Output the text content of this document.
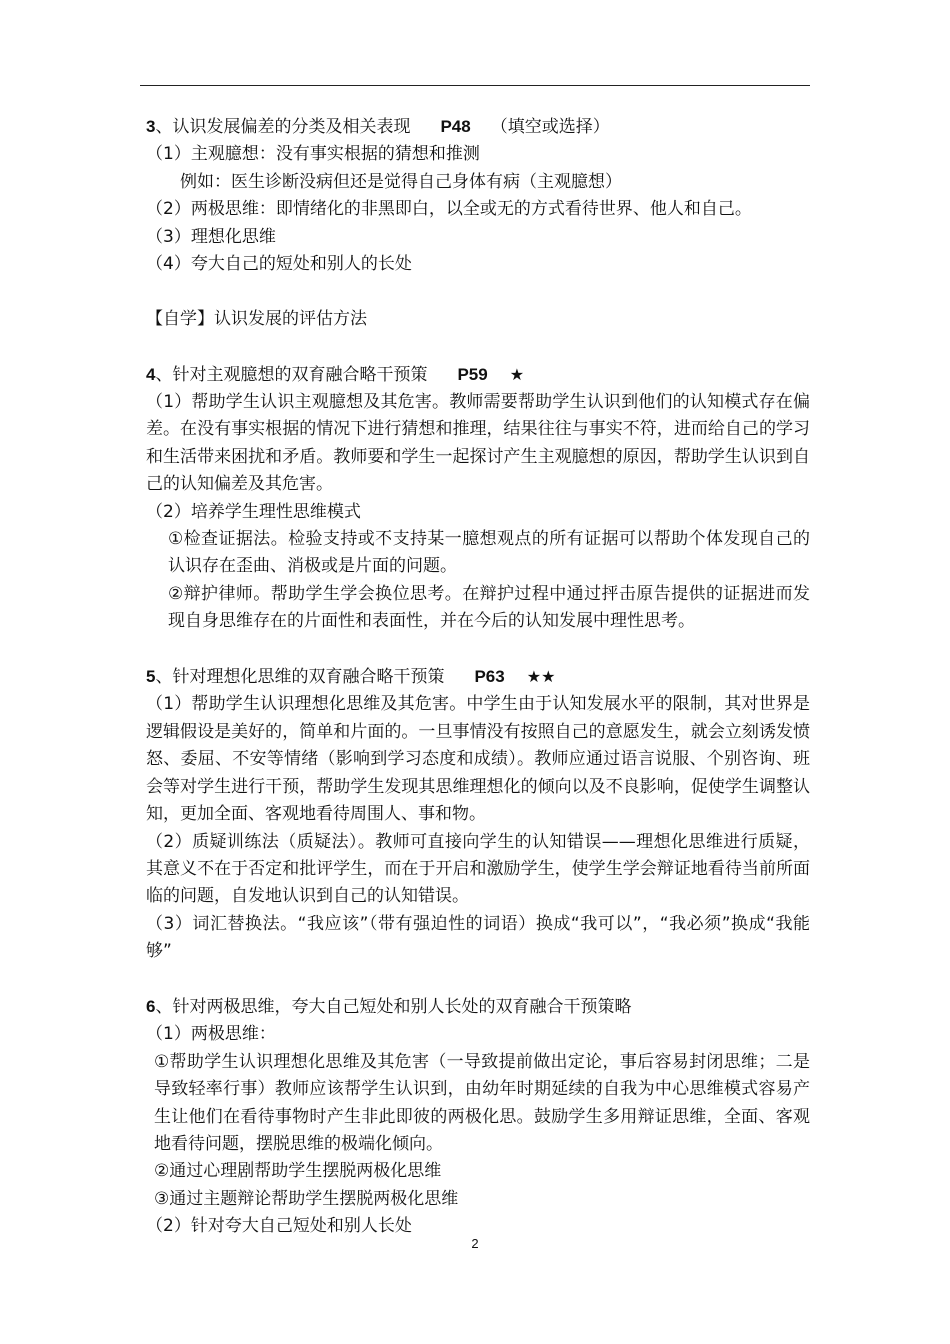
3、认识发展偏差的分类及相关表现 P48 （填空或选择）
（1）主观臆想：没有事实根据的猜想和推测
例如：医生诊断没病但还是觉得自己身体有病（主观臆想）
（2）两极思维：即情绪化的非黑即白，以全或无的方式看待世界、他人和自己。
（3）理想化思维
（4）夸大自己的短处和别人的长处
【自学】认识发展的评估方法
4、针对主观臆想的双育融合略干预策 P59 ★
（1）帮助学生认识主观臆想及其危害。教师需要帮助学生认识到他们的认知模式存在偏差。在没有事实根据的情况下进行猜想和推理，结果往往与事实不符，进而给自己的学习和生活带来困扰和矛盾。教师要和学生一起探讨产生主观臆想的原因，帮助学生认识到自己的认知偏差及其危害。
（2）培养学生理性思维模式
①检查证据法。检验支持或不支持某一臆想观点的所有证据可以帮助个体发现自己的认识存在歪曲、消极或是片面的问题。
②辩护律师。帮助学生学会换位思考。在辩护过程中通过抨击原告提供的证据进而发现自身思维存在的片面性和表面性，并在今后的认知发展中理性思考。
5、针对理想化思维的双育融合略干预策 P63 ★★
（1）帮助学生认识理想化思维及其危害。中学生由于认知发展水平的限制，其对世界是逻辑假设是美好的，简单和片面的。一旦事情没有按照自己的意愿发生，就会立刻诱发愤怒、委屈、不安等情绪（影响到学习态度和成绩）。教师应通过语言说服、个别咨询、班会等对学生进行干预，帮助学生发现其思维理想化的倾向以及不良影响，促使学生调整认知，更加全面、客观地看待周围人、事和物。
（2）质疑训练法（质疑法）。教师可直接向学生的认知错误——理想化思维进行质疑，其意义不在于否定和批评学生，而在于开启和激励学生，使学生学会辩证地看待当前所面临的问题，自发地认识到自己的认知错误。
（3）词汇替换法。“我应该”（带有强迫性的词语）换成“我可以”，“我必须”换成“我能够”
6、针对两极思维，夸大自己短处和别人长处的双育融合干预策略
（1）两极思维：
①帮助学生认识理想化思维及其危害（一导致提前做出定论，事后容易封闭思维；二是导致轻率行事）教师应该帮学生认识到，由幼年时期延续的自我为中心思维模式容易产生让他们在看待事物时产生非此即彼的两极化思。鼓励学生多用辩证思维，全面、客观地看待问题，摆脱思维的极端化倾向。
②通过心理剧帮助学生摆脱两极化思维
③通过主题辩论帮助学生摆脱两极化思维
（2）针对夸大自己短处和别人长处
2
